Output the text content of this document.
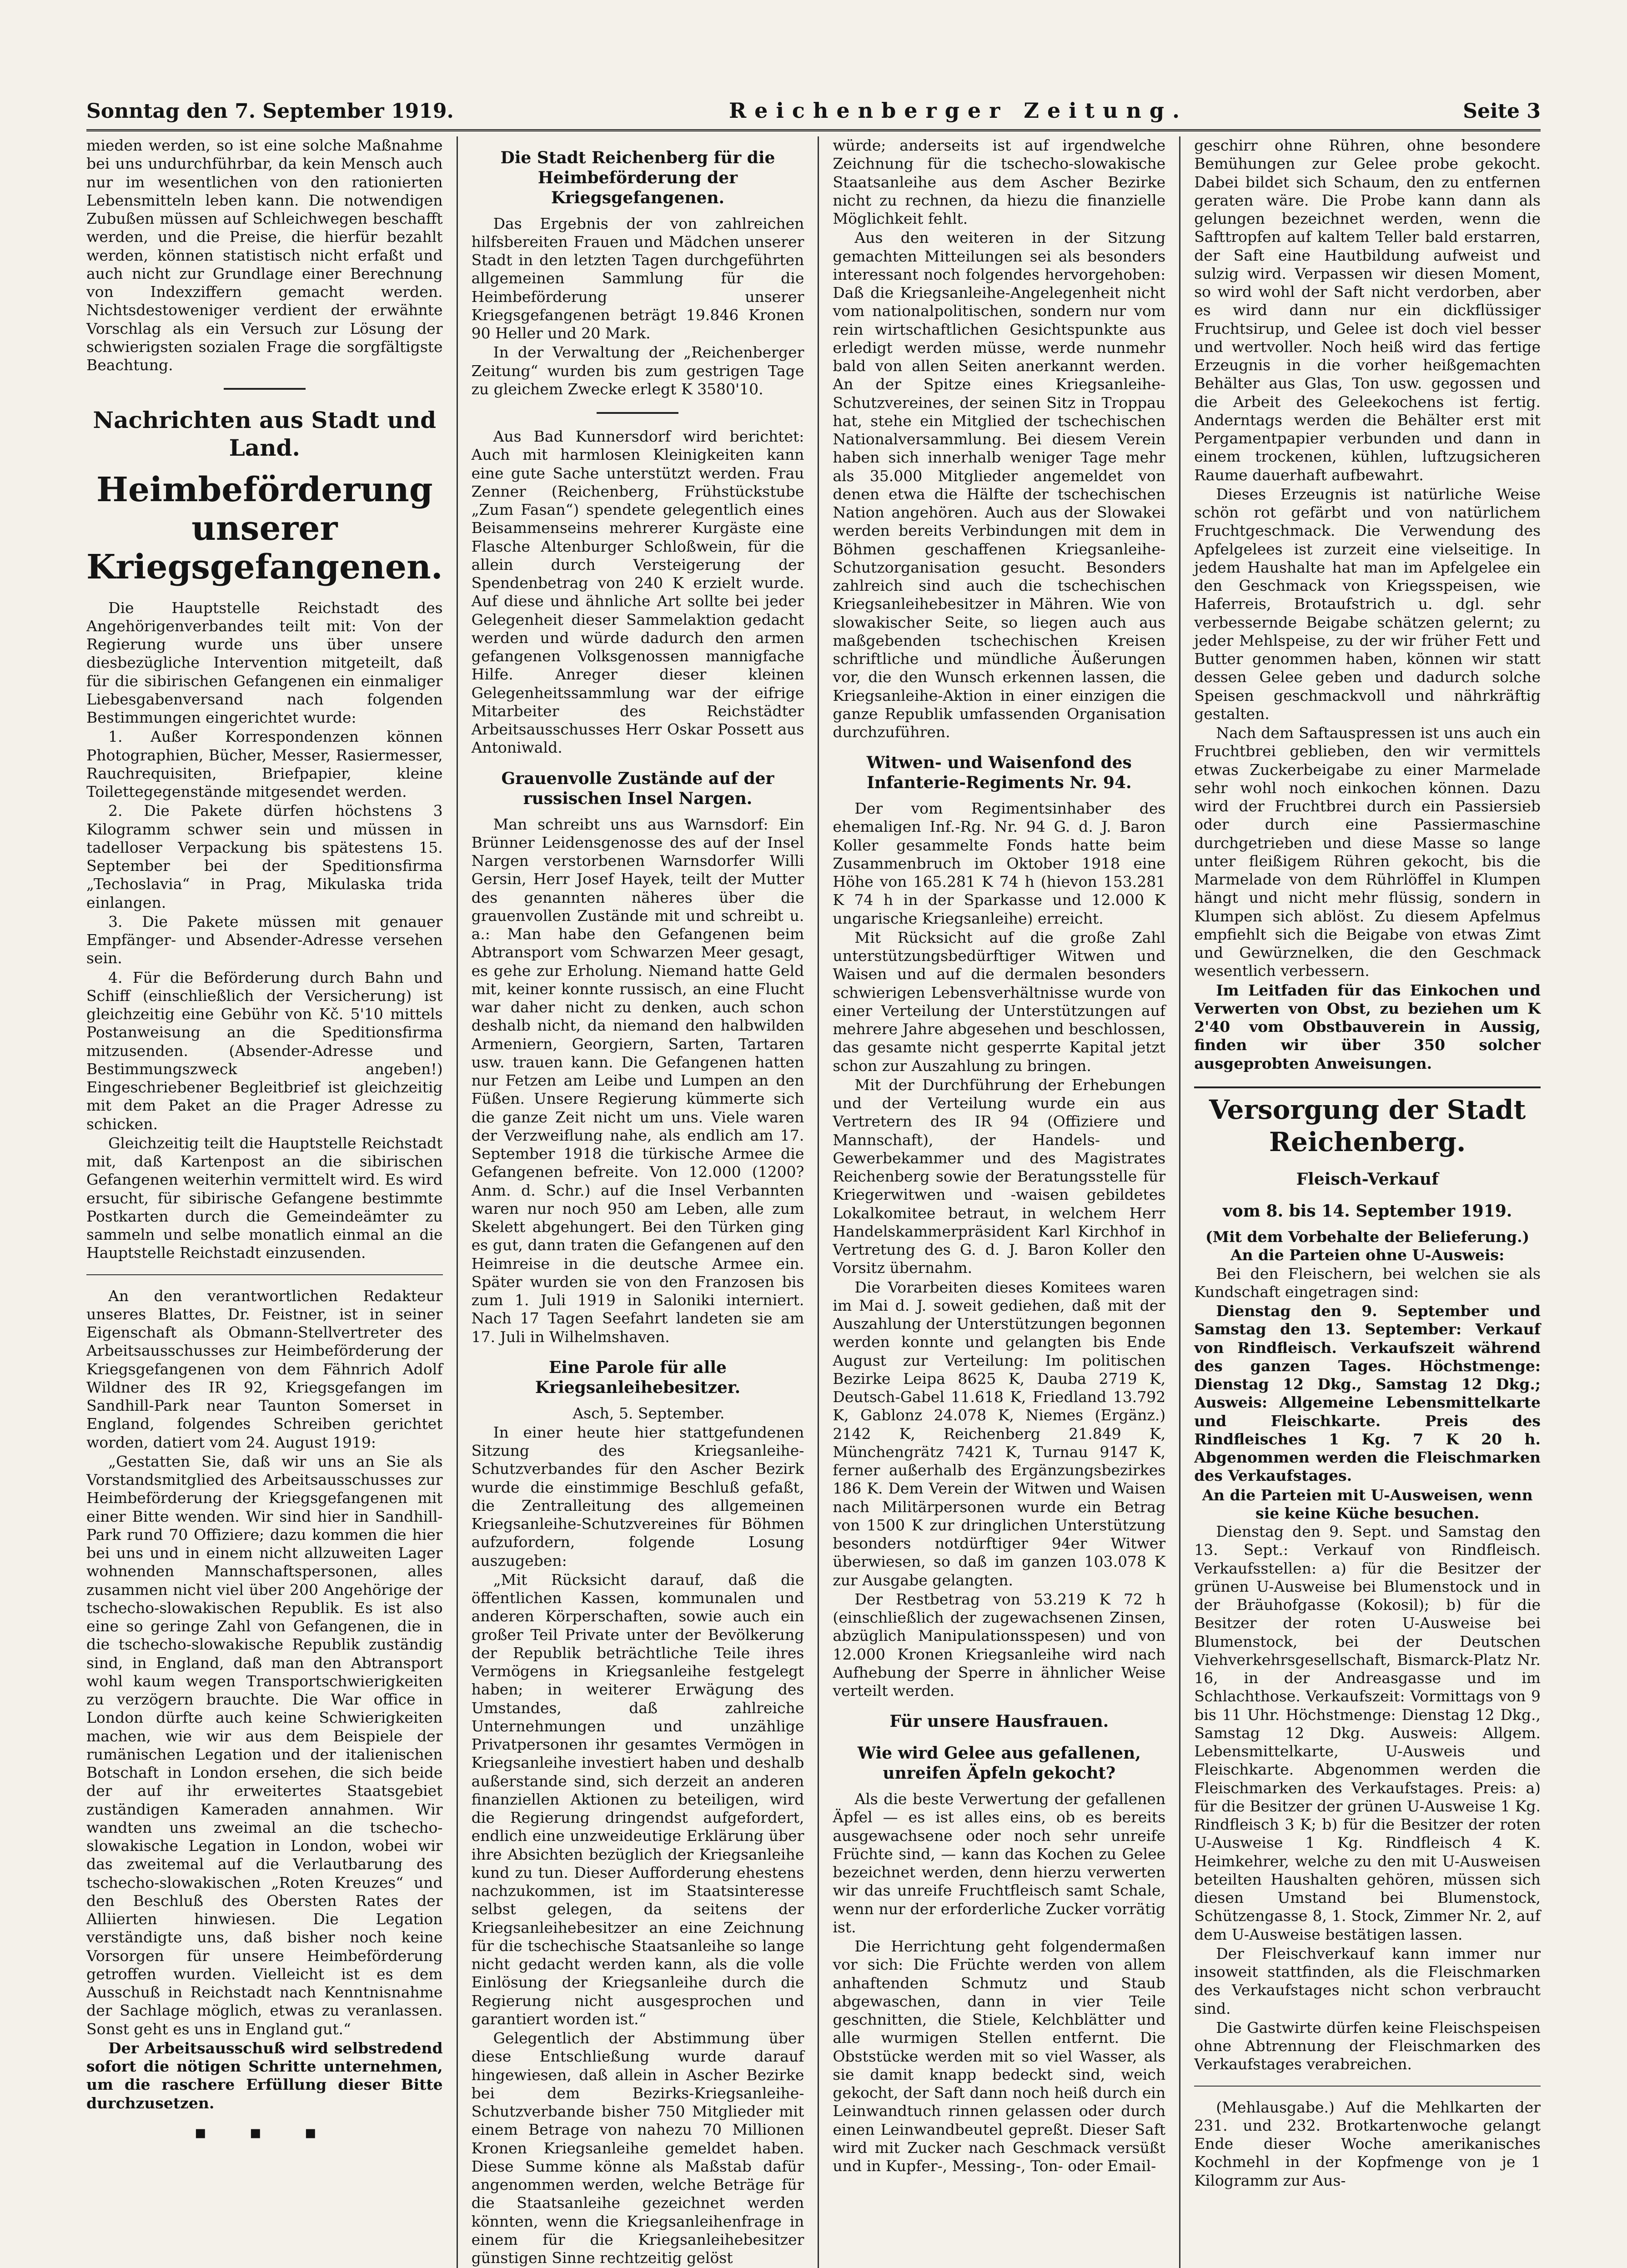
Sonntag den 7. September 1919.	Reichenberger Zeitung.	Seite 3

mieden werden, so ist eine solche Maßnahme bei uns undurchführbar, da kein Mensch auch nur im wesentlichen von den rationierten Lebensmitteln leben kann. Die notwendigen Zubußen müssen auf Schleichwegen beschafft werden, und die Preise, die hierfür bezahlt werden, können statistisch nicht erfaßt und auch nicht zur Grundlage einer Berechnung von Indexziffern gemacht werden. Nichtsdestoweniger verdient der erwähnte Vorschlag als ein Versuch zur Lösung der schwierigsten sozialen Frage die sorgfältigste Beachtung.

Nachrichten aus Stadt und Land.
Heimbeförderung unserer Kriegsgefangenen.

Die Hauptstelle Reichstadt des Angehörigenverbandes teilt mit: Von der Regierung wurde uns über unsere diesbezügliche Intervention mitgeteilt, daß für die sibirischen Gefangenen ein einmaliger Liebesgabenversand nach folgenden Bestimmungen eingerichtet wurde:

1. Außer Korrespondenzen können Photographien, Bücher, Messer, Rasiermesser, Rauchrequisiten, Briefpapier, kleine Toilettegegenstände mitgesendet werden.

2. Die Pakete dürfen höchstens 3 Kilogramm schwer sein und müssen in tadelloser Verpackung bis spätestens 15. September bei der Speditionsfirma „Techoslavia“ in Prag, Mikulaska trida einlangen.

3. Die Pakete müssen mit genauer Empfänger- und Absender-Adresse versehen sein.

4. Für die Beförderung durch Bahn und Schiff (einschließlich der Versicherung) ist gleichzeitig eine Gebühr von Kč. 5'10 mittels Postanweisung an die Speditionsfirma mitzusenden. (Absender-Adresse und Bestimmungszweck angeben!) Eingeschriebener Begleitbrief ist gleichzeitig mit dem Paket an die Prager Adresse zu schicken.

Gleichzeitig teilt die Hauptstelle Reichstadt mit, daß Kartenpost an die sibirischen Gefangenen weiterhin vermittelt wird. Es wird ersucht, für sibirische Gefangene bestimmte Postkarten durch die Gemeindeämter zu sammeln und selbe monatlich einmal an die Hauptstelle Reichstadt einzusenden.

An den verantwortlichen Redakteur unseres Blattes, Dr. Feistner, ist in seiner Eigenschaft als Obmann-Stellvertreter des Arbeitsausschusses zur Heimbeförderung der Kriegsgefangenen von dem Fähnrich Adolf Wildner des IR 92, Kriegsgefangen im Sandhill-Park near Taunton Somerset in England, folgendes Schreiben gerichtet worden, datiert vom 24. August 1919:

„Gestatten Sie, daß wir uns an Sie als Vorstandsmitglied des Arbeitsausschusses zur Heimbeförderung der Kriegsgefangenen mit einer Bitte wenden. Wir sind hier in Sandhill-Park rund 70 Offiziere; dazu kommen die hier bei uns und in einem nicht allzuweiten Lager wohnenden Mannschaftspersonen, alles zusammen nicht viel über 200 Angehörige der tschecho-slowakischen Republik. Es ist also eine so geringe Zahl von Gefangenen, die in die tschecho-slowakische Republik zuständig sind, in England, daß man den Abtransport wohl kaum wegen Transportschwierigkeiten zu verzögern brauchte. Die War office in London dürfte auch keine Schwierigkeiten machen, wie wir aus dem Beispiele der rumänischen Legation und der italienischen Botschaft in London ersehen, die sich beide der auf ihr erweitertes Staatsgebiet zuständigen Kameraden annahmen. Wir wandten uns zweimal an die tschecho-slowakische Legation in London, wobei wir das zweitemal auf die Verlautbarung des tschecho-slowakischen „Roten Kreuzes“ und den Beschluß des Obersten Rates der Alliierten hinwiesen. Die Legation verständigte uns, daß bisher noch keine Vorsorgen für unsere Heimbeförderung getroffen wurden. Vielleicht ist es dem Ausschuß in Reichstadt nach Kenntnisnahme der Sachlage möglich, etwas zu veranlassen. Sonst geht es uns in England gut.“

Der Arbeitsausschuß wird selbstredend sofort die nötigen Schritte unternehmen, um die raschere Erfüllung dieser Bitte durchzusetzen.

▪ ▪ ▪
Die Stadt Reichenberg für die Heimbeförderung der Kriegsgefangenen.

Das Ergebnis der von zahlreichen hilfsbereiten Frauen und Mädchen unserer Stadt in den letzten Tagen durchgeführten allgemeinen Sammlung für die Heimbeförderung unserer Kriegsgefangenen beträgt 19.846 Kronen 90 Heller und 20 Mark.

In der Verwaltung der „Reichenberger Zeitung“ wurden bis zum gestrigen Tage zu gleichem Zwecke erlegt K 3580'10.

Aus Bad Kunnersdorf wird berichtet: Auch mit harmlosen Kleinigkeiten kann eine gute Sache unterstützt werden. Frau Zenner (Reichenberg, Frühstückstube „Zum Fasan“) spendete gelegentlich eines Beisammenseins mehrerer Kurgäste eine Flasche Altenburger Schloßwein, für die allein durch Versteigerung der Spendenbetrag von 240 K erzielt wurde. Auf diese und ähnliche Art sollte bei jeder Gelegenheit dieser Sammelaktion gedacht werden und würde dadurch den armen gefangenen Volksgenossen mannigfache Hilfe. Anreger dieser kleinen Gelegenheitssammlung war der eifrige Mitarbeiter des Reichstädter Arbeitsausschusses Herr Oskar Possett aus Antoniwald.

Grauenvolle Zustände auf der russischen Insel Nargen.

Man schreibt uns aus Warnsdorf: Ein Brünner Leidensgenosse des auf der Insel Nargen verstorbenen Warnsdorfer Willi Gersin, Herr Josef Hayek, teilt der Mutter des genannten näheres über die grauenvollen Zustände mit und schreibt u. a.: Man habe den Gefangenen beim Abtransport vom Schwarzen Meer gesagt, es gehe zur Erholung. Niemand hatte Geld mit, keiner konnte russisch, an eine Flucht war daher nicht zu denken, auch schon deshalb nicht, da niemand den halbwilden Armeniern, Georgiern, Sarten, Tartaren usw. trauen kann. Die Gefangenen hatten nur Fetzen am Leibe und Lumpen an den Füßen. Unsere Regierung kümmerte sich die ganze Zeit nicht um uns. Viele waren der Verzweiflung nahe, als endlich am 17. September 1918 die türkische Armee die Gefangenen befreite. Von 12.000 (1200? Anm. d. Schr.) auf die Insel Verbannten waren nur noch 950 am Leben, alle zum Skelett abgehungert. Bei den Türken ging es gut, dann traten die Gefangenen auf den Heimreise in die deutsche Armee ein. Später wurden sie von den Franzosen bis zum 1. Juli 1919 in Saloniki interniert. Nach 17 Tagen Seefahrt landeten sie am 17. Juli in Wilhelmshaven.

Eine Parole für alle Kriegsanleihebesitzer.

Asch, 5. September.

In einer heute hier stattgefundenen Sitzung des Kriegsanleihe-Schutzverbandes für den Ascher Bezirk wurde die einstimmige Beschluß gefaßt, die Zentralleitung des allgemeinen Kriegsanleihe-Schutzvereines für Böhmen aufzufordern, folgende Losung auszugeben:

„Mit Rücksicht darauf, daß die öffentlichen Kassen, kommunalen und anderen Körperschaften, sowie auch ein großer Teil Private unter der Bevölkerung der Republik beträchtliche Teile ihres Vermögens in Kriegsanleihe festgelegt haben; in weiterer Erwägung des Umstandes, daß zahlreiche Unternehmungen und unzählige Privatpersonen ihr gesamtes Vermögen in Kriegsanleihe investiert haben und deshalb außerstande sind, sich derzeit an anderen finanziellen Aktionen zu beteiligen, wird die Regierung dringendst aufgefordert, endlich eine unzweideutige Erklärung über ihre Absichten bezüglich der Kriegsanleihe kund zu tun. Dieser Aufforderung ehestens nachzukommen, ist im Staatsinteresse selbst gelegen, da seitens der Kriegsanleihebesitzer an eine Zeichnung für die tschechische Staatsanleihe so lange nicht gedacht werden kann, als die volle Einlösung der Kriegsanleihe durch die Regierung nicht ausgesprochen und garantiert worden ist.“

Gelegentlich der Abstimmung über diese Entschließung wurde darauf hingewiesen, daß allein in Ascher Bezirke bei dem Bezirks-Kriegsanleihe-Schutzverbande bisher 750 Mitglieder mit einem Betrage von nahezu 70 Millionen Kronen Kriegsanleihe gemeldet haben. Diese Summe könne als Maßstab dafür angenommen werden, welche Beträge für die Staatsanleihe gezeichnet werden könnten, wenn die Kriegsanleihenfrage in einem für die Kriegsanleihebesitzer günstigen Sinne rechtzeitig gelöst

würde; anderseits ist auf irgendwelche Zeichnung für die tschecho-slowakische Staatsanleihe aus dem Ascher Bezirke nicht zu rechnen, da hiezu die finanzielle Möglichkeit fehlt.

Aus den weiteren in der Sitzung gemachten Mitteilungen sei als besonders interessant noch folgendes hervorgehoben: Daß die Kriegsanleihe-Angelegenheit nicht vom nationalpolitischen, sondern nur vom rein wirtschaftlichen Gesichtspunkte aus erledigt werden müsse, werde nunmehr bald von allen Seiten anerkannt werden. An der Spitze eines Kriegsanleihe-Schutzvereines, der seinen Sitz in Troppau hat, stehe ein Mitglied der tschechischen Nationalversammlung. Bei diesem Verein haben sich innerhalb weniger Tage mehr als 35.000 Mitglieder angemeldet von denen etwa die Hälfte der tschechischen Nation angehören. Auch aus der Slowakei werden bereits Verbindungen mit dem in Böhmen geschaffenen Kriegsanleihe-Schutzorganisation gesucht. Besonders zahlreich sind auch die tschechischen Kriegsanleihebesitzer in Mähren. Wie von slowakischer Seite, so liegen auch aus maßgebenden tschechischen Kreisen schriftliche und mündliche Äußerungen vor, die den Wunsch erkennen lassen, die Kriegsanleihe-Aktion in einer einzigen die ganze Republik umfassenden Organisation durchzuführen.

Witwen- und Waisenfond des Infanterie-Regiments Nr. 94.

Der vom Regimentsinhaber des ehemaligen Inf.-Rg. Nr. 94 G. d. J. Baron Koller gesammelte Fonds hatte beim Zusammenbruch im Oktober 1918 eine Höhe von 165.281 K 74 h (hievon 153.281 K 74 h in der Sparkasse und 12.000 K ungarische Kriegsanleihe) erreicht.

Mit Rücksicht auf die große Zahl unterstützungsbedürftiger Witwen und Waisen und auf die dermalen besonders schwierigen Lebensverhältnisse wurde von einer Verteilung der Unterstützungen auf mehrere Jahre abgesehen und beschlossen, das gesamte nicht gesperrte Kapital jetzt schon zur Auszahlung zu bringen.

Mit der Durchführung der Erhebungen und der Verteilung wurde ein aus Vertretern des IR 94 (Offiziere und Mannschaft), der Handels- und Gewerbekammer und des Magistrates Reichenberg sowie der Beratungsstelle für Kriegerwitwen und -waisen gebildetes Lokalkomitee betraut, in welchem Herr Handelskammerpräsident Karl Kirchhof in Vertretung des G. d. J. Baron Koller den Vorsitz übernahm.

Die Vorarbeiten dieses Komitees waren im Mai d. J. soweit gediehen, daß mit der Auszahlung der Unterstützungen begonnen werden konnte und gelangten bis Ende August zur Verteilung: Im politischen Bezirke Leipa 8625 K, Dauba 2719 K, Deutsch-Gabel 11.618 K, Friedland 13.792 K, Gablonz 24.078 K, Niemes (Ergänz.) 2142 K, Reichenberg 21.849 K, Münchengrätz 7421 K, Turnau 9147 K, ferner außerhalb des Ergänzungsbezirkes 186 K. Dem Verein der Witwen und Waisen nach Militärpersonen wurde ein Betrag von 1500 K zur dringlichen Unterstützung besonders notdürftiger 94er Witwer überwiesen, so daß im ganzen 103.078 K zur Ausgabe gelangten.

Der Restbetrag von 53.219 K 72 h (einschließlich der zugewachsenen Zinsen, abzüglich Manipulationsspesen) und von 12.000 Kronen Kriegsanleihe wird nach Aufhebung der Sperre in ähnlicher Weise verteilt werden.

Für unsere Hausfrauen.
Wie wird Gelee aus gefallenen, unreifen Äpfeln gekocht?

Als die beste Verwertung der gefallenen Äpfel — es ist alles eins, ob es bereits ausgewachsene oder noch sehr unreife Früchte sind, — kann das Kochen zu Gelee bezeichnet werden, denn hierzu verwerten wir das unreife Fruchtfleisch samt Schale, wenn nur der erforderliche Zucker vorrätig ist.

Die Herrichtung geht folgendermaßen vor sich: Die Früchte werden von allem anhaftenden Schmutz und Staub abgewaschen, dann in vier Teile geschnitten, die Stiele, Kelchblätter und alle wurmigen Stellen entfernt. Die Obststücke werden mit so viel Wasser, als sie damit knapp bedeckt sind, weich gekocht, der Saft dann noch heiß durch ein Leinwandtuch rinnen gelassen oder durch einen Leinwandbeutel gepreßt. Dieser Saft wird mit Zucker nach Geschmack versüßt und in Kupfer-, Messing-, Ton- oder Email-

geschirr ohne Rühren, ohne besondere Bemühungen zur Gelee probe gekocht. Dabei bildet sich Schaum, den zu entfernen geraten wäre. Die Probe kann dann als gelungen bezeichnet werden, wenn die Safttropfen auf kaltem Teller bald erstarren, der Saft eine Hautbildung aufweist und sulzig wird. Verpassen wir diesen Moment, so wird wohl der Saft nicht verdorben, aber es wird dann nur ein dickflüssiger Fruchtsirup, und Gelee ist doch viel besser und wertvoller. Noch heiß wird das fertige Erzeugnis in die vorher heißgemachten Behälter aus Glas, Ton usw. gegossen und die Arbeit des Geleekochens ist fertig. Anderntags werden die Behälter erst mit Pergamentpapier verbunden und dann in einem trockenen, kühlen, luftzugsicheren Raume dauerhaft aufbewahrt.

Dieses Erzeugnis ist natürliche Weise schön rot gefärbt und von natürlichem Fruchtgeschmack. Die Verwendung des Apfelgelees ist zurzeit eine vielseitige. In jedem Haushalte hat man im Apfelgelee ein den Geschmack von Kriegsspeisen, wie Haferreis, Brotaufstrich u. dgl. sehr verbessernde Beigabe schätzen gelernt; zu jeder Mehlspeise, zu der wir früher Fett und Butter genommen haben, können wir statt dessen Gelee geben und dadurch solche Speisen geschmackvoll und nährkräftig gestalten.

Nach dem Saftauspressen ist uns auch ein Fruchtbrei geblieben, den wir vermittels etwas Zuckerbeigabe zu einer Marmelade sehr wohl noch einkochen können. Dazu wird der Fruchtbrei durch ein Passiersieb oder durch eine Passiermaschine durchgetrieben und diese Masse so lange unter fleißigem Rühren gekocht, bis die Marmelade von dem Rührlöffel in Klumpen hängt und nicht mehr flüssig, sondern in Klumpen sich ablöst. Zu diesem Apfelmus empfiehlt sich die Beigabe von etwas Zimt und Gewürznelken, die den Geschmack wesentlich verbessern.

Im Leitfaden für das Einkochen und Verwerten von Obst, zu beziehen um K 2'40 vom Obstbauverein in Aussig, finden wir über 350 solcher ausgeprobten Anweisungen.

Versorgung der Stadt Reichenberg.
Fleisch-Verkauf
vom 8. bis 14. September 1919.
(Mit dem Vorbehalte der Belieferung.)
An die Parteien ohne U-Ausweis:

Bei den Fleischern, bei welchen sie als Kundschaft eingetragen sind:

Dienstag den 9. September und Samstag den 13. September: Verkauf von Rindfleisch. Verkaufszeit während des ganzen Tages. Höchstmenge: Dienstag 12 Dkg., Samstag 12 Dkg.; Ausweis: Allgemeine Lebensmittelkarte und Fleischkarte. Preis des Rindfleisches 1 Kg. 7 K 20 h. Abgenommen werden die Fleischmarken des Verkaufstages.

An die Parteien mit U-Ausweisen, wenn sie keine Küche besuchen.

Dienstag den 9. Sept. und Samstag den 13. Sept.: Verkauf von Rindfleisch. Verkaufsstellen: a) für die Besitzer der grünen U-Ausweise bei Blumenstock und in der Bräuhofgasse (Kokosil); b) für die Besitzer der roten U-Ausweise bei Blumenstock, bei der Deutschen Viehverkehrsgesellschaft, Bismarck-Platz Nr. 16, in der Andreasgasse und im Schlachthose. Verkaufszeit: Vormittags von 9 bis 11 Uhr. Höchstmenge: Dienstag 12 Dkg., Samstag 12 Dkg. Ausweis: Allgem. Lebensmittelkarte, U-Ausweis und Fleischkarte. Abgenommen werden die Fleischmarken des Verkaufstages. Preis: a) für die Besitzer der grünen U-Ausweise 1 Kg. Rindfleisch 3 K; b) für die Besitzer der roten U-Ausweise 1 Kg. Rindfleisch 4 K. Heimkehrer, welche zu den mit U-Ausweisen beteilten Haushalten gehören, müssen sich diesen Umstand bei Blumenstock, Schützengasse 8, 1. Stock, Zimmer Nr. 2, auf dem U-Ausweise bestätigen lassen.

Der Fleischverkauf kann immer nur insoweit stattfinden, als die Fleischmarken des Verkaufstages nicht schon verbraucht sind.

Die Gastwirte dürfen keine Fleischspeisen ohne Abtrennung der Fleischmarken des Verkaufstages verabreichen.

(Mehlausgabe.) Auf die Mehlkarten der 231. und 232. Brotkartenwoche gelangt Ende dieser Woche amerikanisches Kochmehl in der Kopfmenge von je 1 Kilogramm zur Aus-
